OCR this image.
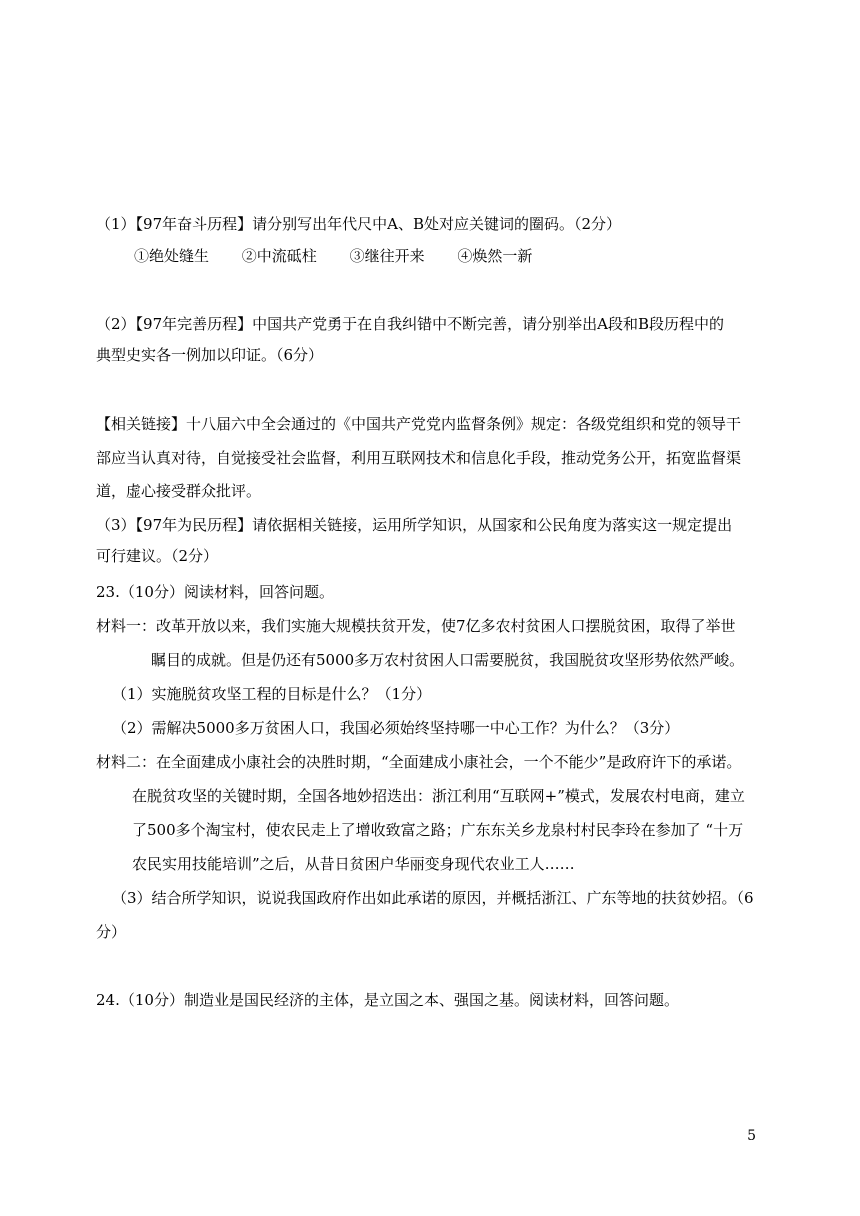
（1）【97年奋斗历程】请分别写出年代尺中A、B处对应关键词的圈码。（2分）
①绝处缝生 ②中流砥柱 ③继往开来 ④焕然一新
（2）【97年完善历程】中国共产党勇于在自我纠错中不断完善，请分别举出A段和B段历程中的
典型史实各一例加以印证。（6分）
【相关链接】十八届六中全会通过的《中国共产党党内监督条例》规定：各级党组织和党的领导干
部应当认真对待，自觉接受社会监督，利用互联网技术和信息化手段，推动党务公开，拓宽监督渠
道，虚心接受群众批评。
（3）【97年为民历程】请依据相关链接，运用所学知识，从国家和公民角度为落实这一规定提出
可行建议。（2分）
23.（10分）阅读材料，回答问题。
材料一：改革开放以来，我们实施大规模扶贫开发，使7亿多农村贫困人口摆脱贫困，取得了举世
瞩目的成就。但是仍还有5000多万农村贫困人口需要脱贫，我国脱贫攻坚形势依然严峻。
（1）实施脱贫攻坚工程的目标是什么？（1分）
（2）需解决5000多万贫困人口，我国必须始终坚持哪一中心工作？为什么？（3分）
材料二：在全面建成小康社会的决胜时期，“全面建成小康社会，一个不能少”是政府许下的承诺。
在脱贫攻坚的关键时期，全国各地妙招迭出：浙江利用“互联网+”模式，发展农村电商，建立
了500多个淘宝村，使农民走上了增收致富之路；广东东关乡龙泉村村民李玲在参加了 “十万
农民实用技能培训”之后，从昔日贫困户华丽变身现代农业工人……
（3）结合所学知识，说说我国政府作出如此承诺的原因，并概括浙江、广东等地的扶贫妙招。（6
分）
24.（10分）制造业是国民经济的主体，是立国之本、强国之基。阅读材料，回答问题。
5
